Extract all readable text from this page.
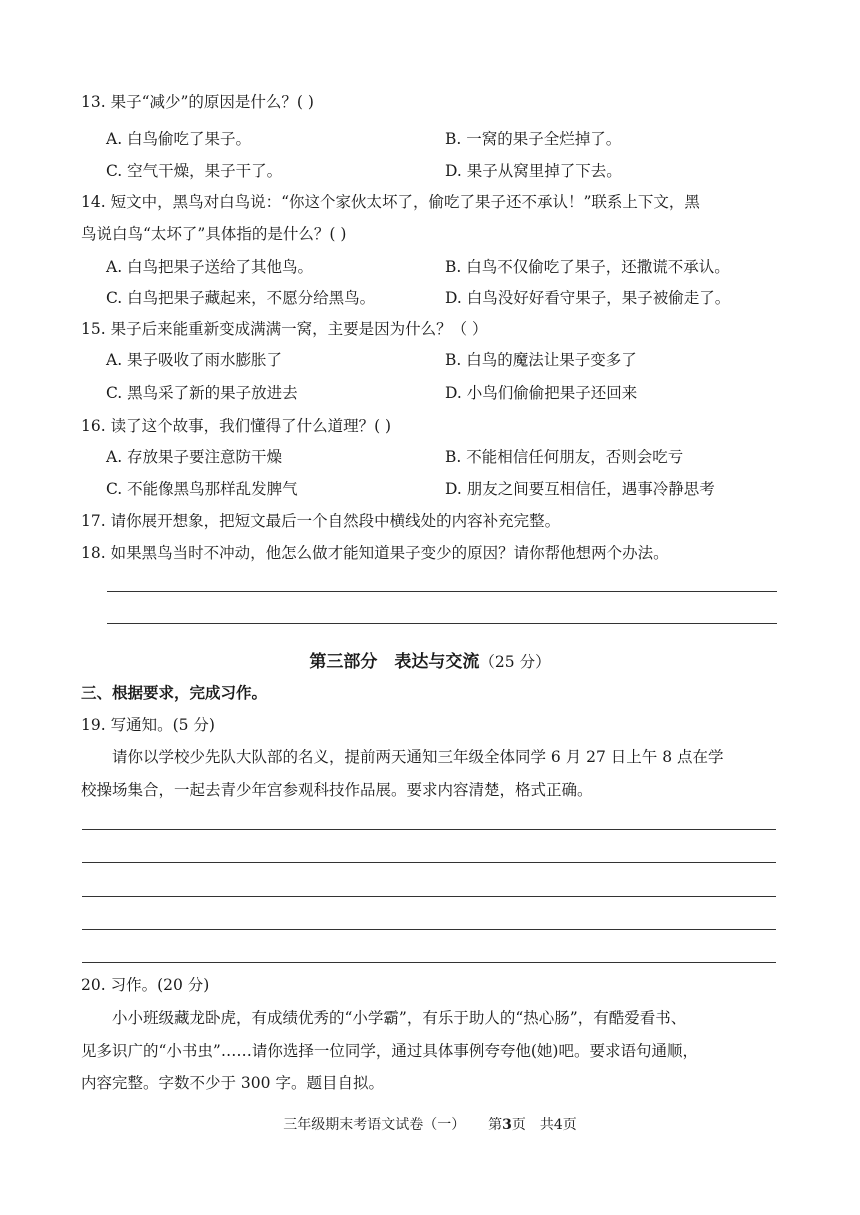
13. 果子“减少”的原因是什么？( )
A. 白鸟偷吃了果子。	B. 一窝的果子全烂掉了。
C. 空气干燥，果子干了。	D. 果子从窝里掉了下去。
14. 短文中，黑鸟对白鸟说：“你这个家伙太坏了，偷吃了果子还不承认！”联系上下文，黑
鸟说白鸟“太坏了”具体指的是什么？( )
A. 白鸟把果子送给了其他鸟。	B. 白鸟不仅偷吃了果子，还撒谎不承认。
C. 白鸟把果子藏起来，不愿分给黑鸟。	D. 白鸟没好好看守果子，果子被偷走了。
15. 果子后来能重新变成满满一窝，主要是因为什么？（ ）
A. 果子吸收了雨水膨胀了	B. 白鸟的魔法让果子变多了
C. 黑鸟采了新的果子放进去	D. 小鸟们偷偷把果子还回来
16. 读了这个故事，我们懂得了什么道理？( )
A. 存放果子要注意防干燥	B. 不能相信任何朋友，否则会吃亏
C. 不能像黑鸟那样乱发脾气	D. 朋友之间要互相信任，遇事冷静思考
17. 请你展开想象，把短文最后一个自然段中横线处的内容补充完整。
18. 如果黑鸟当时不冲动，他怎么做才能知道果子变少的原因？请你帮他想两个办法。
第三部分　表达与交流（25 分）
三、根据要求，完成习作。
19. 写通知。(5 分)
请你以学校少先队大队部的名义，提前两天通知三年级全体同学 6 月 27 日上午 8 点在学
校操场集合，一起去青少年宫参观科技作品展。要求内容清楚，格式正确。
20. 习作。(20 分)
小小班级藏龙卧虎，有成绩优秀的“小学霸”，有乐于助人的“热心肠”，有酷爱看书、
见多识广的“小书虫”……请你选择一位同学，通过具体事例夸夸他(她)吧。要求语句通顺，
内容完整。字数不少于 300 字。题目自拟。
三年级期末考语文试卷（一） 　 第3页　共4页
